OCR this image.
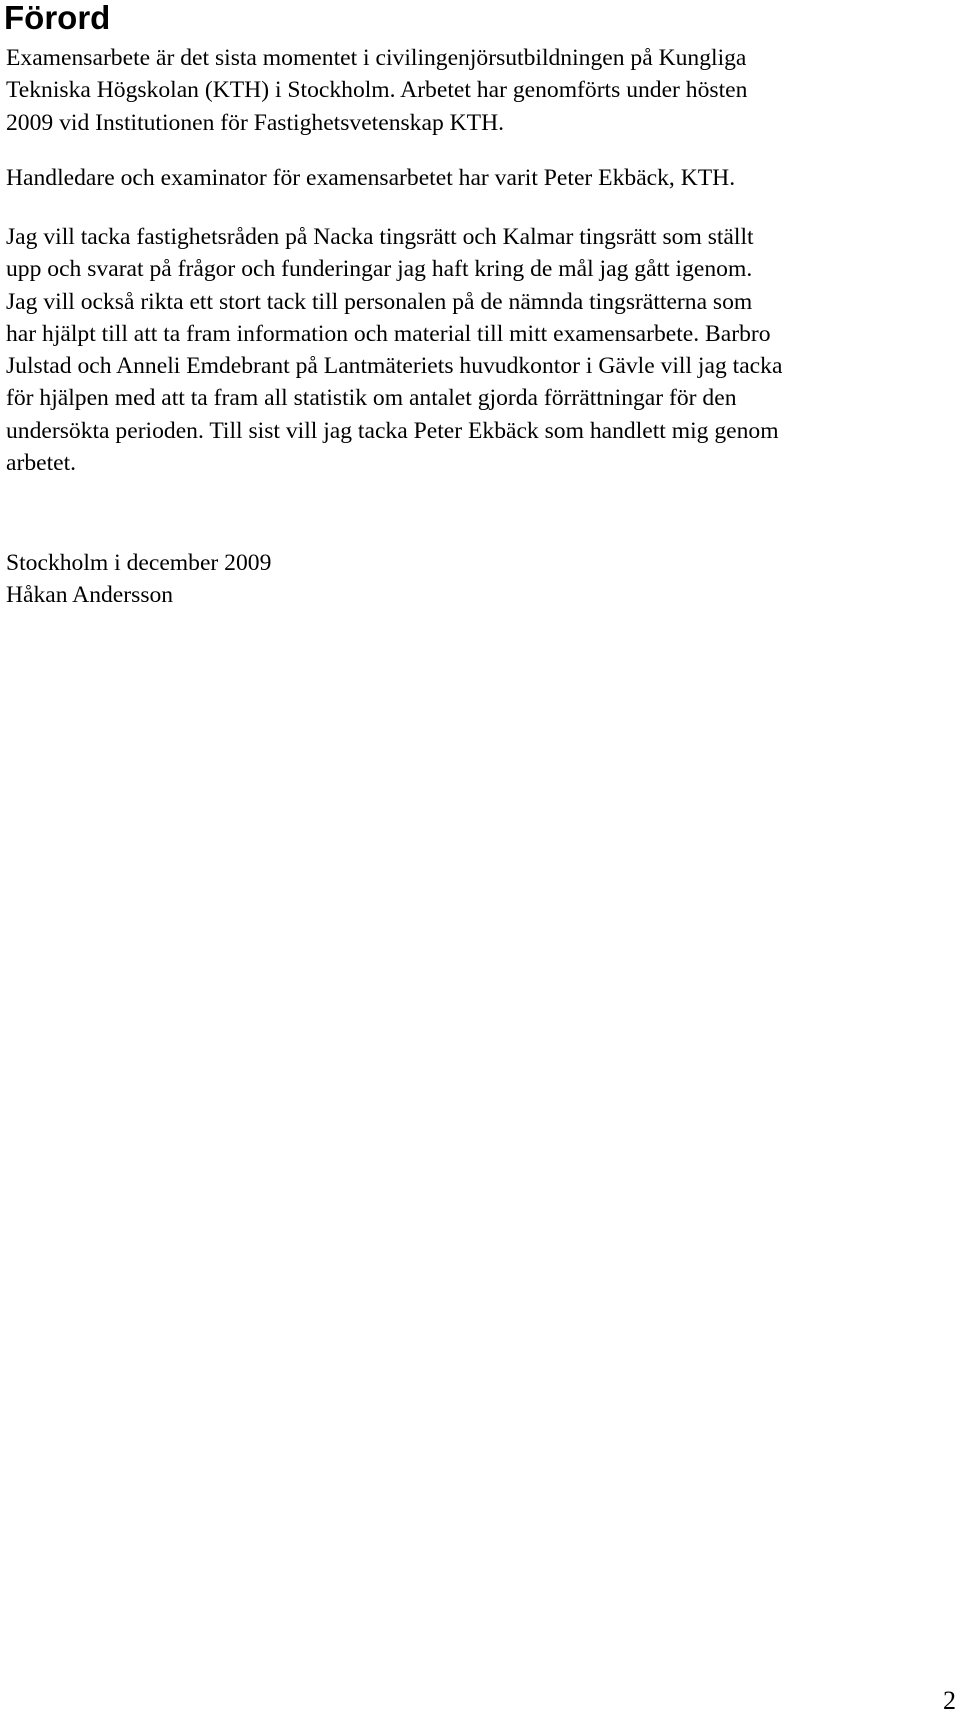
Förord

Examensarbete är det sista momentet i civilingenjörsutbildningen på Kungliga
Tekniska Högskolan (KTH) i Stockholm. Arbetet har genomförts under hösten
2009 vid Institutionen för Fastighetsvetenskap KTH.

Handledare och examinator för examensarbetet har varit Peter Ekbäck, KTH.

Jag vill tacka fastighetsråden på Nacka tingsrätt och Kalmar tingsrätt som ställt
upp och svarat på frågor och funderingar jag haft kring de mål jag gått igenom.
Jag vill också rikta ett stort tack till personalen på de nämnda tingsrätterna som
har hjälpt till att ta fram information och material till mitt examensarbete. Barbro
Julstad och Anneli Emdebrant på Lantmäteriets huvudkontor i Gävle vill jag tacka
för hjälpen med att ta fram all statistik om antalet gjorda förrättningar för den
undersökta perioden. Till sist vill jag tacka Peter Ekbäck som handlett mig genom
arbetet.

Stockholm i december 2009
Håkan Andersson

2
